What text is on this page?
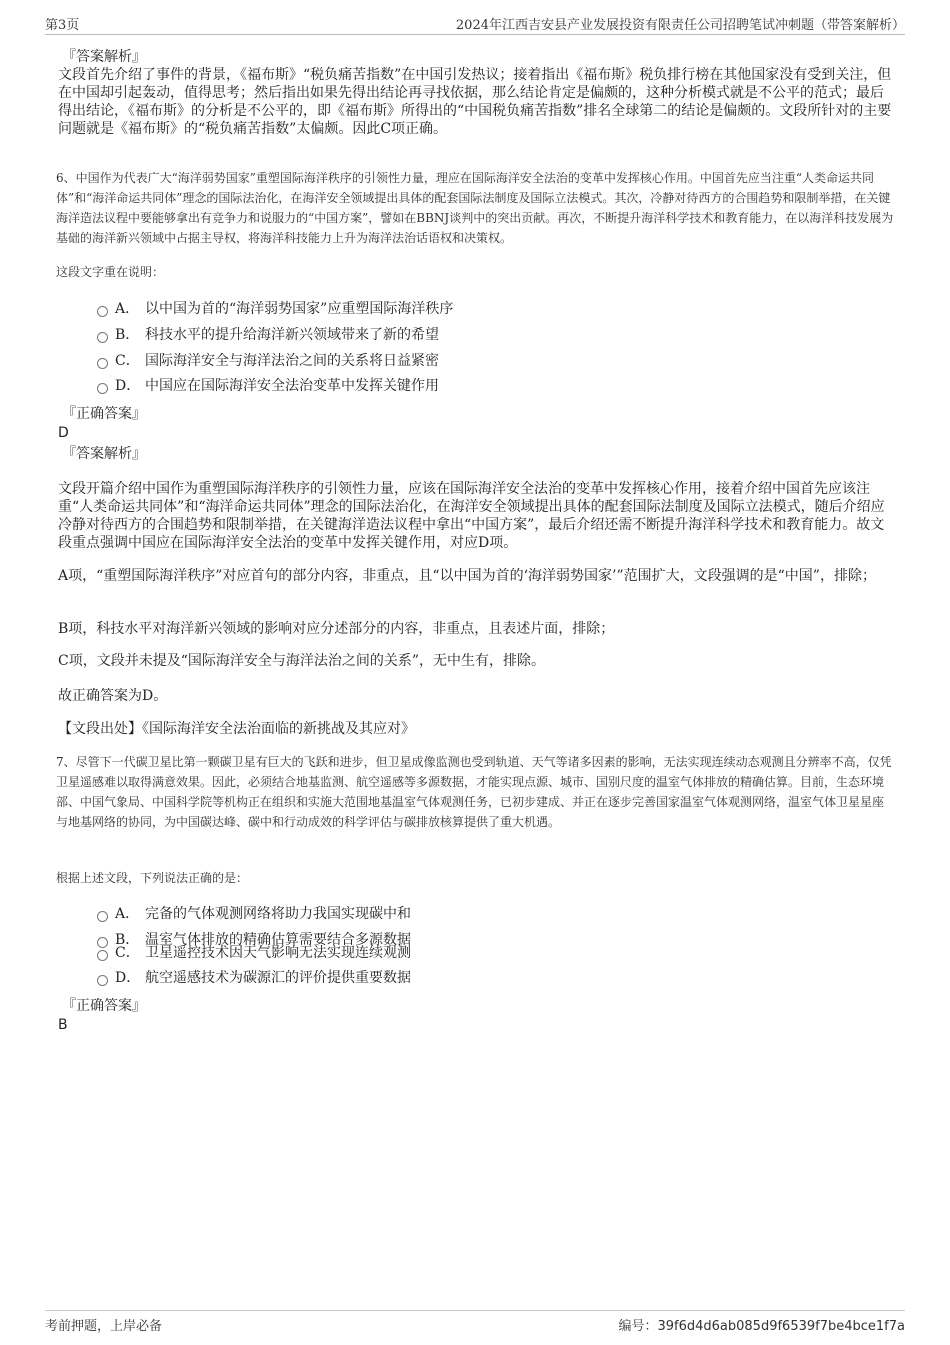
第3页	2024年江西吉安县产业发展投资有限责任公司招聘笔试冲刺题（带答案解析）
『答案解析』
文段首先介绍了事件的背景，《福布斯》“税负痛苦指数”在中国引发热议；接着指出《福布斯》税负排行榜在其他国家没有受到关注，但在中国却引起轰动，值得思考；然后指出如果先得出结论再寻找依据，那么结论肯定是偏颇的，这种分析模式就是不公平的范式；最后得出结论，《福布斯》的分析是不公平的，即《福布斯》所得出的“中国税负痛苦指数”排名全球第二的结论是偏颇的。文段所针对的主要问题就是《福布斯》的“税负痛苦指数”太偏颇。因此C项正确。
6、中国作为代表广大“海洋弱势国家”重塑国际海洋秩序的引领性力量，理应在国际海洋安全法治的变革中发挥核心作用。中国首先应当注重“人类命运共同体”和“海洋命运共同体”理念的国际法治化，在海洋安全领域提出具体的配套国际法制度及国际立法模式。其次，冷静对待西方的合围趋势和限制举措，在关键海洋造法议程中要能够拿出有竞争力和说服力的“中国方案”，譬如在BBNJ谈判中的突出贡献。再次，不断提升海洋科学技术和教育能力，在以海洋科技发展为基础的海洋新兴领域中占据主导权，将海洋科技能力上升为海洋法治话语权和决策权。
这段文字重在说明：
A． 以中国为首的“海洋弱势国家”应重塑国际海洋秩序
B． 科技水平的提升给海洋新兴领域带来了新的希望
C． 国际海洋安全与海洋法治之间的关系将日益紧密
D． 中国应在国际海洋安全法治变革中发挥关键作用
『正确答案』
D
『答案解析』
文段开篇介绍中国作为重塑国际海洋秩序的引领性力量，应该在国际海洋安全法治的变革中发挥核心作用，接着介绍中国首先应该注重“人类命运共同体”和“海洋命运共同体”理念的国际法治化，在海洋安全领域提出具体的配套国际法制度及国际立法模式，随后介绍应冷静对待西方的合围趋势和限制举措，在关键海洋造法议程中拿出“中国方案”，最后介绍还需不断提升海洋科学技术和教育能力。故文段重点强调中国应在国际海洋安全法治的变革中发挥关键作用，对应D项。
A项，“重塑国际海洋秩序”对应首句的部分内容，非重点，且“以中国为首的‘海洋弱势国家’”范围扩大，文段强调的是“中国”，排除；
B项，科技水平对海洋新兴领域的影响对应分述部分的内容，非重点，且表述片面，排除；
C项，文段并未提及“国际海洋安全与海洋法治之间的关系”，无中生有，排除。
故正确答案为D。
【文段出处】《国际海洋安全法治面临的新挑战及其应对》
7、尽管下一代碳卫星比第一颗碳卫星有巨大的飞跃和进步，但卫星成像监测也受到轨道、天气等诸多因素的影响，无法实现连续动态观测且分辨率不高，仅凭卫星遥感难以取得满意效果。因此，必须结合地基监测、航空遥感等多源数据，才能实现点源、城市、国别尺度的温室气体排放的精确估算。目前，生态环境部、中国气象局、中国科学院等机构正在组织和实施大范围地基温室气体观测任务，已初步建成、并正在逐步完善国家温室气体观测网络，温室气体卫星星座与地基网络的协同，为中国碳达峰、碳中和行动成效的科学评估与碳排放核算提供了重大机遇。
根据上述文段，下列说法正确的是：
A． 完备的气体观测网络将助力我国实现碳中和
B． 温室气体排放的精确估算需要结合多源数据
C． 卫星遥控技术因天气影响无法实现连续观测
D． 航空遥感技术为碳源汇的评价提供重要数据
『正确答案』
B
考前押题，上岸必备	编号：39f6d4d6ab085d9f6539f7be4bce1f7a
